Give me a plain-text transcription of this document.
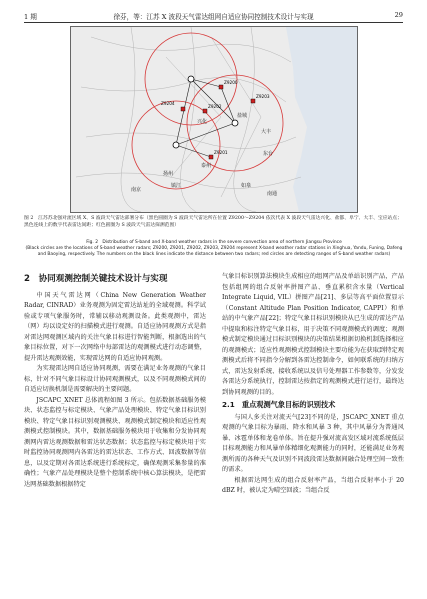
1 期	徐芬，等：江苏 X 波段天气雷达组网自适应协同控制技术设计与实现	29
盐城
兴化
大丰
泰州
东台
扬州
镇江
南京
如皋
南通
Z9200
Z9201
Z9202
Z9203
Z9204
图 2　江苏苏北强对流区域 X、S 波段天气雷达部署分布（黑色圆圈为 S 波段天气雷达所在位置 Z9200～Z9204 依次代表 X 波段天气雷达兴化、盐都、阜宁、大丰、宝应站点；黑色连线上的数字代表雷达间距；红色圆圈为 S 波段天气雷达探测范围）
Fig. 2　Distribution of S-band and X-band weather radars in the severe convection area of northern Jiangsu Province
(Black circles are the locations of S-band weather radars; Z9200, Z9201, Z9202, Z9203, Z9204 represent X-band weather radar stations in Xinghua, Yandu, Funing, Dafeng and Baoying, respectively. The numbers on the black lines indicate the distance between two radars; red circles are detecting ranges of S-band weather radars)
2　协同观测控制关键技术设计与实现

中国天气雷达网（China New Generation Weather Radar, CINRAD）业务观测为固定雷达站址的全域观测。科学试验或专项气象服务时，常辅以移动观测设备。此类观测中，雷达（网）均以设定好的扫描模式进行观测。自适应协同观测方式是指对雷达网观测区域内的关注气象目标进行智能判断，根据选出的气象目标位置，对下一次网络中每部雷达的观测模式进行动态调整，提升雷达观测效能，实现雷达网的自适应协同观测。

为实现雷达网自适应协同观测，需要在满足业务观测的气象目标，针对不同气象目标设计协同观测模式，以及不同观测模式间的自适应切换机制是需要解决的主要问题。

JSCAPC_XNET 总体流程如图 3 所示。包括数据基础服务模块、状态监控与标定模块、气象产品处理模块、特定气象目标识别模块、特定气象目标识别观测模块、观测模式制定模块和适应性观测模式控制模块。其中，数据基础服务模块用于收集和分发协同观测网内雷达观测数据和雷达状态数据；状态监控与标定模块用于实时监控协同观测网内各雷达的雷达状态、工作方式、回波数据等信息，以及定期对各雷达系统进行系统标定，确保观测采集参量的准确性；气象产品处理模块是整个控制系统中核心算法模块，是把雷达网基础数据根据特定

气象目标识别算法模块生成相应的组网产品及单站识别产品，产品包括组网的组合反射率拼图产品、垂直累积含水量（Vertical Integrate Liquid, VIL）拼图产品[21]、多层等高平面位置显示（Constant Altitude Plan Position Indicator, CAPPI）和单站的中气象产品[22]；特定气象目标识别模块从已生成的雷达产品中提取和标注特定气象目标，用于决策不同观测模式的调度；观测模式制定模块通过目标识别模块的决策结果根据切换机制选择相应的观测模式；适应性观测模式控制模块主要功能为在获取到特定观测模式后将不同指令分解到各雷达控制命令，如何联系统的归纳方式，雷达发射系统、接收系统以及信号处理器工作参数等，分发发各雷达分系统执行，控制雷达按指定的观测模式进行运行，最终达到协同观测的目的。

2.1　重点观测气象目标的识别技术

与国人多关注对流天气[23]不同的是，JSCAPC_XNET 重点观测的气象目标为暴雨、降水和风暴 3 种，其中风暴分为普通风暴、冰雹单体和龙卷单体。旨在提升强对流高发区域对流系统低层目标观测能力和风暴单体精细化观测能力的同时，还能满足业务观测所需的各种天气及识别不同波段雷达数据间融合处理空间一致性的需求。

根据雷达网生成的组合反射率产品，当组合反射率小于 20 dBZ 时，被认定为晴空回波；当组合反
